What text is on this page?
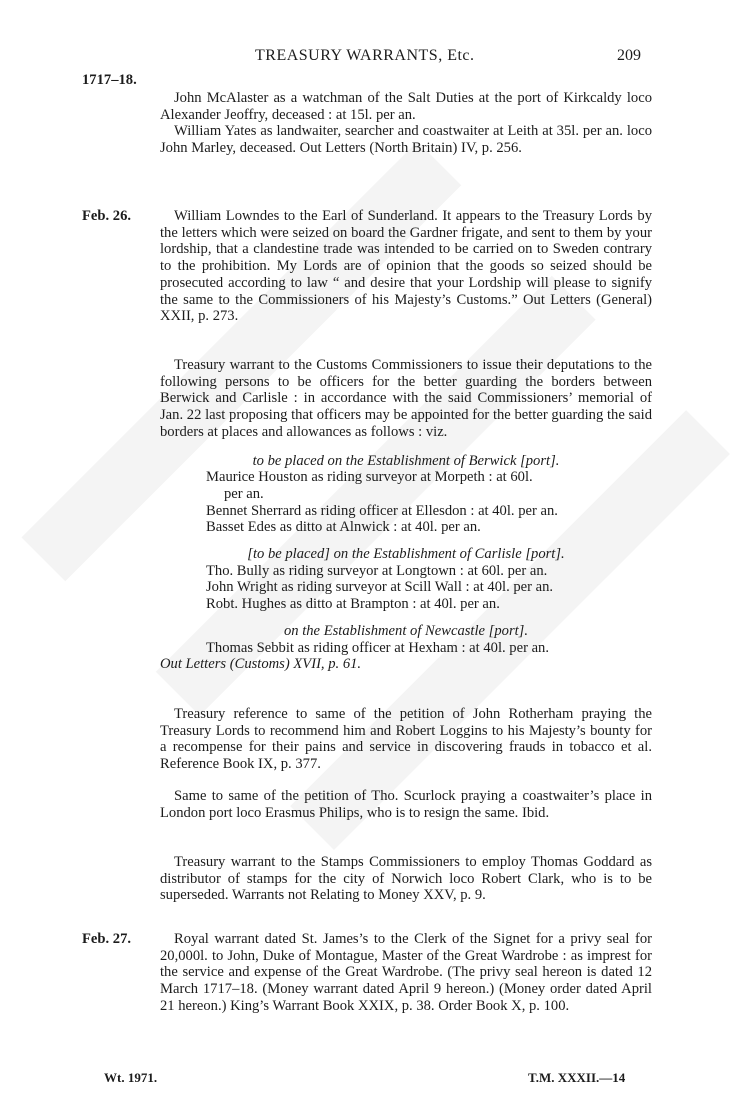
TREASURY WARRANTS, Etc.	209
1717–18.

John McAlaster as a watchman of the Salt Duties at the port of Kirkcaldy loco Alexander Jeoffry, deceased : at 15l. per an.

William Yates as landwaiter, searcher and coastwaiter at Leith at 35l. per an. loco John Marley, deceased. Out Letters (North Britain) IV, p. 256.

Feb. 26.	William Lowndes to the Earl of Sunderland. It appears to the Treasury Lords by the letters which were seized on board the Gardner frigate, and sent to them by your lordship, that a clandestine trade was intended to be carried on to Sweden contrary to the prohibition. My Lords are of opinion that the goods so seized should be prosecuted according to law “ and desire that your Lordship will please to signify the same to the Commissioners of his Majesty’s Customs.” Out Letters (General) XXII, p. 273.

Treasury warrant to the Customs Commissioners to issue their deputations to the following persons to be officers for the better guarding the borders between Berwick and Carlisle : in accordance with the said Commissioners’ memorial of Jan. 22 last proposing that officers may be appointed for the better guarding the said borders at places and allowances as follows : viz.

to be placed on the Establishment of Berwick [port].

Maurice Houston as riding surveyor at Morpeth : at 60l.

per an.

Bennet Sherrard as riding officer at Ellesdon : at 40l. per an.

Basset Edes as ditto at Alnwick : at 40l. per an.

[to be placed] on the Establishment of Carlisle [port].

Tho. Bully as riding surveyor at Longtown : at 60l. per an.

John Wright as riding surveyor at Scill Wall : at 40l. per an.

Robt. Hughes as ditto at Brampton : at 40l. per an.

on the Establishment of Newcastle [port].

Thomas Sebbit as riding officer at Hexham : at 40l. per an.

Out Letters (Customs) XVII, p. 61.

Treasury reference to same of the petition of John Rotherham praying the Treasury Lords to recommend him and Robert Loggins to his Majesty’s bounty for a recompense for their pains and service in discovering frauds in tobacco et al. Reference Book IX, p. 377.

Same to same of the petition of Tho. Scurlock praying a coastwaiter’s place in London port loco Erasmus Philips, who is to resign the same. Ibid.

Treasury warrant to the Stamps Commissioners to employ Thomas Goddard as distributor of stamps for the city of Norwich loco Robert Clark, who is to be superseded. Warrants not Relating to Money XXV, p. 9.

Feb. 27.	Royal warrant dated St. James’s to the Clerk of the Signet for a privy seal for 20,000l. to John, Duke of Montague, Master of the Great Wardrobe : as imprest for the service and expense of the Great Wardrobe. (The privy seal hereon is dated 12 March 1717–18. (Money warrant dated April 9 hereon.) (Money order dated April 21 hereon.) King’s Warrant Book XXIX, p. 38. Order Book X, p. 100.

Wt. 1971.	T.M. XXXII.—14
